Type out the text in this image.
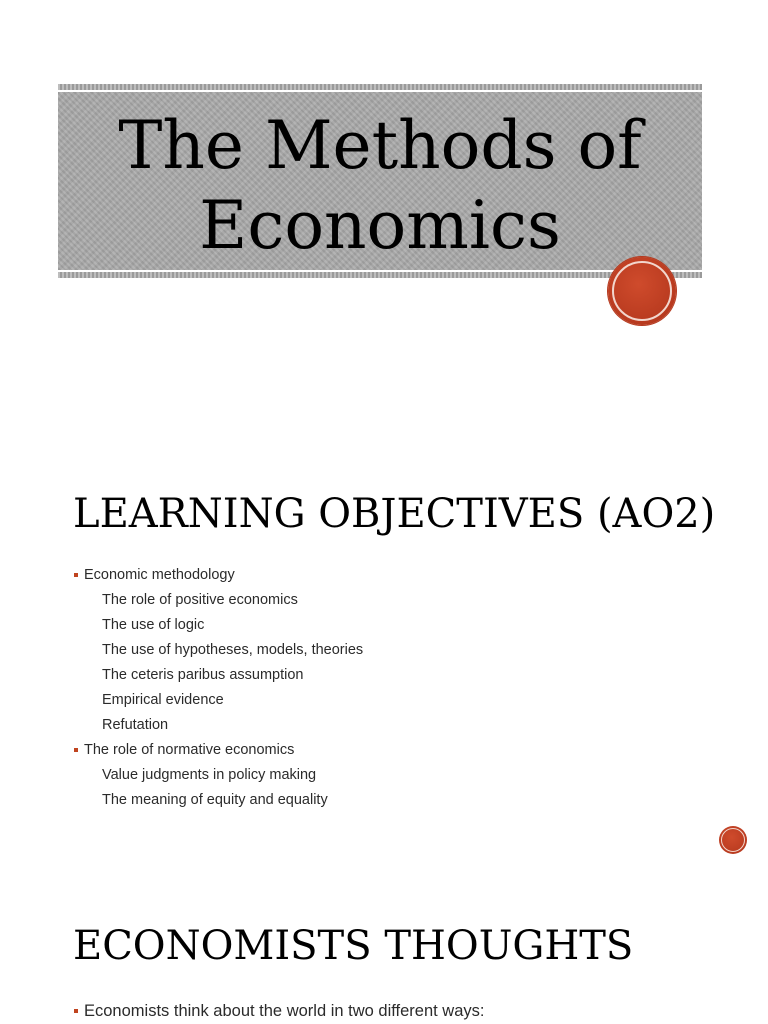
The Methods of
Economics
LEARNING OBJECTIVES (AO2)
Economic methodology
The role of positive economics
The use of logic
The use of hypotheses, models, theories
The ceteris paribus assumption
Empirical evidence
Refutation
The role of normative economics
Value judgments in policy making
The meaning of equity and equality
ECONOMISTS THOUGHTS
Economists think about the world in two different ways:
